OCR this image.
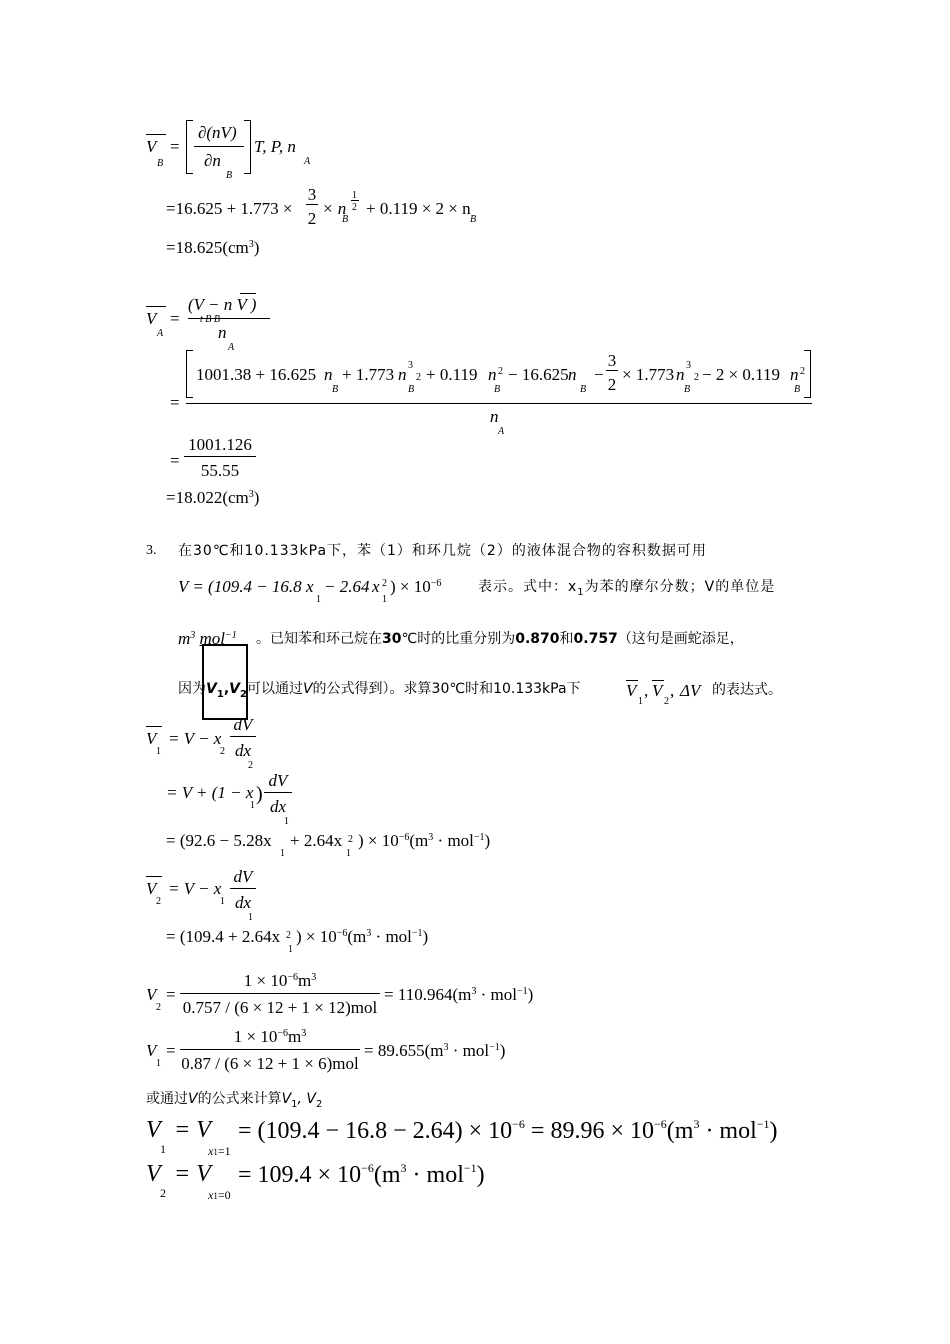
V
B
=
∂(nV)
∂n
B
T, P, n
A
=16.625 + 1.773 ×
3
2
× n
1
2
B
+ 0.119 × 2 × n
B
$=18.625(cm^3)$
V
A
=
(V − n V )
t B B
n
A
1001.38 + 16.625 n
B
+ 1.773 n 3
2
B
+ 0.119 n 2
B
− 16.625 n
B
−
3
2
× 1.773 n 3
2
B
− 2 × 0.119 n 2
B
=
n
A
=
1001.126
55.55
$=18.022(cm^3)$
3. 在30℃和10.133kPa下，苯（1）和环几烷（2）的液体混合物的容积数据可用
V = (109.4 − 16.8 x
1
− 2.64 x 2
1
) × $10^{-6}$	表示。式中：$x_1$为苯的摩尔分数；V的单位是
$m^3$ mol$^{-1}$ 。已知苯和环己烷在30℃时的比重分别为0.870和0.757（这句是画蛇添足，
因为$V_1,V_2$可以通过V的公式得到）。求算30℃时和10.133kPa下	V
1
, V
2
, ΔV 的表达式。
V
1
= V − x
2
dV
dx
2
= V + (1 − x
1
)
dV
dx
1
= (92.6 − 5.28x
1
+ 2.64x 2
1
) × $10^{-6}(m^3 \cdot mol^{-1})$
V
2
= V − x
1
dV
dx
1
= (109.4 + 2.64x 2
1
) × $10^{-6}(m^3 \cdot mol^{-1})$
V
2
=
$1 \times 10^{-6}m^3$
0.757 / (6 × 12 + 1 × 12)mol
= $110.964(m^3 \cdot mol^{-1})$
V
1
=
$1 \times 10^{-6}m^3$
0.87 / (6 × 12 + 1 × 6)mol
= $89.655(m^3 \cdot mol^{-1})$
或通过V的公式来计算$V_1$, $V_2$
V
1
= V
x1=1
= $(109.4 - 16.8 - 2.64) \times 10^{-6} = 89.96 \times 10^{-6}(m^3 \cdot mol^{-1})$
V
2
= V
x1=0
= $109.4 \times 10^{-6}(m^3 \cdot mol^{-1})$
